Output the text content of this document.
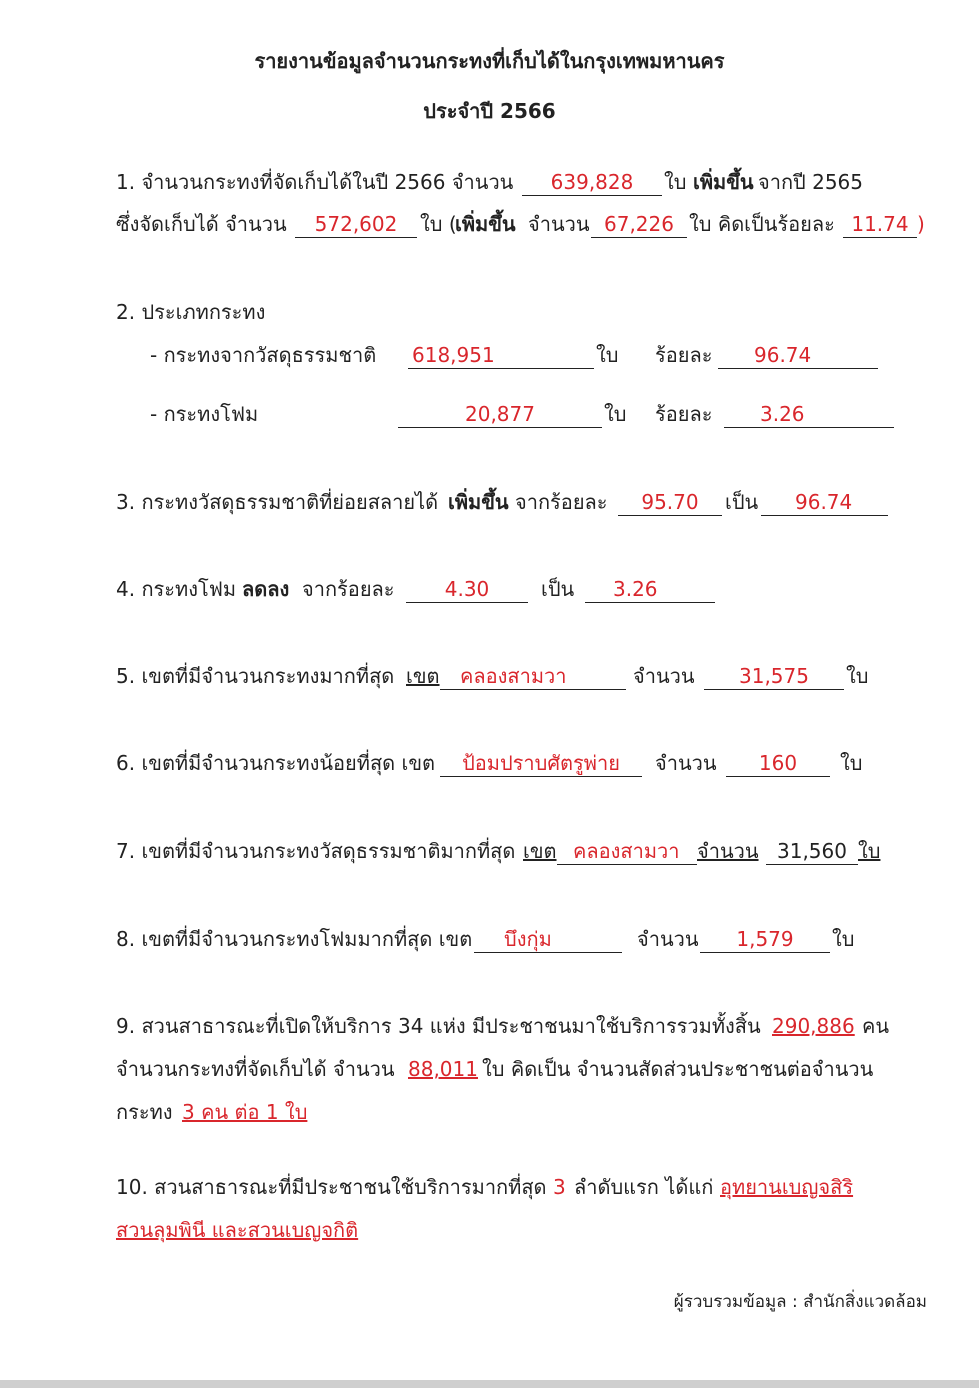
รายงานข้อมูลจำนวนกระทงที่เก็บได้ในกรุงเทพมหานคร
ประจำปี 2566
1. จำนวนกระทงที่จัดเก็บได้ในปี 2566 จำนวน	639,828	ใบ เพิ่มขึ้น จากปี 2565
ซึ่งจัดเก็บได้ จำนวน	572,602	ใบ (
เพิ่มขึ้น จำนวน 67,226 ใบ คิดเป็นร้อยละ 11.74 )
2. ประเภทกระทง
- กระทงจากวัสดุธรรมชาติ 618,951	ใบ ร้อยละ	96.74
- กระทงโฟม	20,877	ใบ ร้อยละ	3.26
3. กระทงวัสดุธรรมชาติที่ย่อยสลายได้ เพิ่มขึ้น จากร้อยละ	95.70	เป็น	96.74
4. กระทงโฟม ลดลง จากร้อยละ	4.30	เป็น	3.26
5. เขตที่มีจำนวนกระทงมากที่สุด เขต	คลองสามวา	จำนวน	31,575	ใบ
6. เขตที่มีจำนวนกระทงน้อยที่สุด เขต	ป้อมปราบศัตรูพ่าย	จำนวน	160	ใบ
7. เขตที่มีจำนวนกระทงวัสดุธรรมชาติมากที่สุด เขต คลองสามวา จำนวน 31,560 ใบ
8. เขตที่มีจำนวนกระทงโฟมมากที่สุด เขต	บึงกุ่ม	จำนวน	1,579	ใบ
9. สวนสาธารณะที่เปิดให้บริการ 34 แห่ง มีประชาชนมาใช้บริการรวมทั้งสิ้น 290,886 คน
จำนวนกระทงที่จัดเก็บได้ จำนวน 88,011 ใบ คิดเป็น จำนวนสัดส่วนประชาชนต่อจำนวน
กระทง 3 คน ต่อ 1 ใบ
10. สวนสาธารณะที่มีประชาชนใช้บริการมากที่สุด 3 ลำดับแรก ได้แก่ อุทยานเบญจสิริ
สวนลุมพินี และสวนเบญจกิติ
ผู้รวบรวมข้อมูล : สำนักสิ่งแวดล้อม
